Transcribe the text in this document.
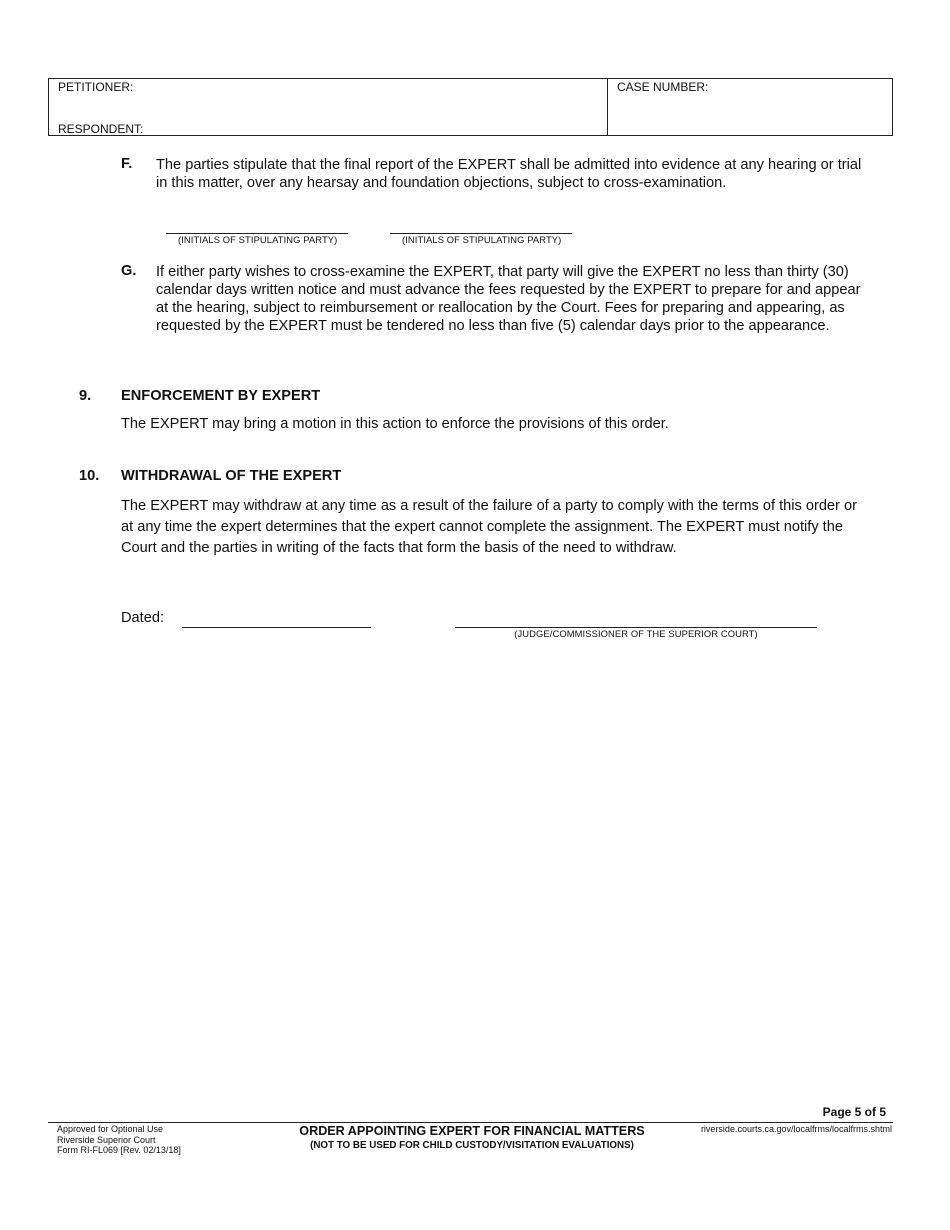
PETITIONER:
RESPONDENT:
CASE NUMBER:
F. The parties stipulate that the final report of the EXPERT shall be admitted into evidence at any hearing or trial in this matter, over any hearsay and foundation objections, subject to cross-examination.
(INITIALS OF STIPULATING PARTY)	(INITIALS OF STIPULATING PARTY)
G. If either party wishes to cross-examine the EXPERT, that party will give the EXPERT no less than thirty (30) calendar days written notice and must advance the fees requested by the EXPERT to prepare for and appear at the hearing, subject to reimbursement or reallocation by the Court. Fees for preparing and appearing, as requested by the EXPERT must be tendered no less than five (5) calendar days prior to the appearance.
9. ENFORCEMENT BY EXPERT
The EXPERT may bring a motion in this action to enforce the provisions of this order.
10. WITHDRAWAL OF THE EXPERT
The EXPERT may withdraw at any time as a result of the failure of a party to comply with the terms of this order or at any time the expert determines that the expert cannot complete the assignment. The EXPERT must notify the Court and the parties in writing of the facts that form the basis of the need to withdraw.
Dated:
(JUDGE/COMMISSIONER OF THE SUPERIOR COURT)
Page 5 of 5
Approved for Optional Use
Riverside Superior Court
Form RI-FL069 [Rev. 02/13/18]
ORDER APPOINTING EXPERT FOR FINANCIAL MATTERS
(NOT TO BE USED FOR CHILD CUSTODY/VISITATION EVALUATIONS)
riverside.courts.ca.gov/localfrms/localfrms.shtml
